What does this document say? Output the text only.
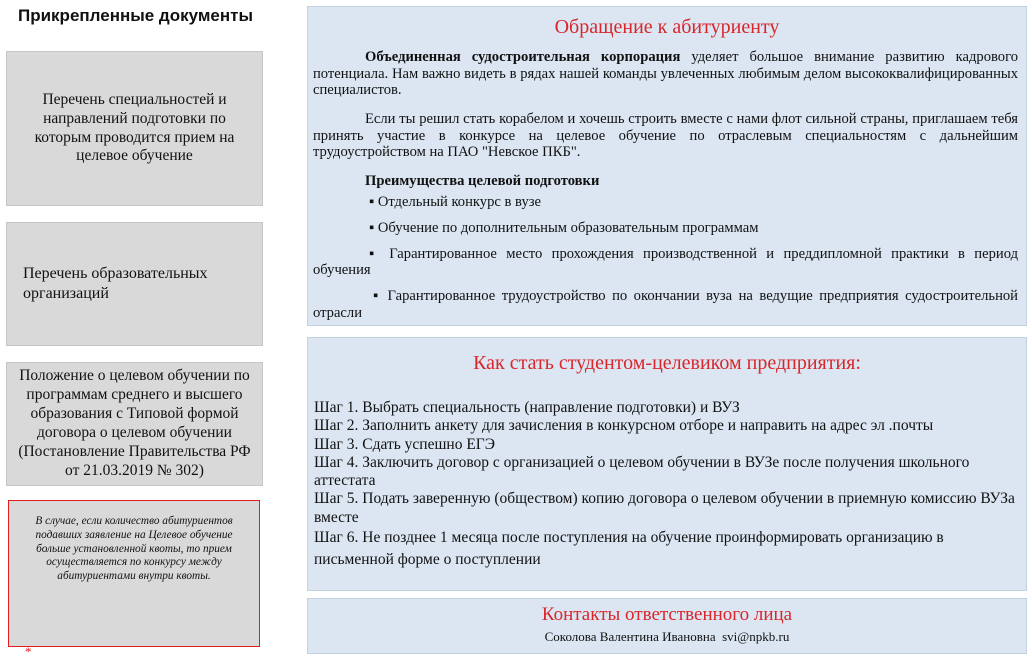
Прикрепленные документы
Перечень специальностей и направлений подготовки по которым проводится прием на целевое обучение
Перечень образовательных организаций
Положение о целевом обучении по программам среднего и высшего образования с Типовой формой договора о целевом обучении (Постановление Правительства РФ от 21.03.2019 № 302)
В случае, если количество абитуриентов подавших заявление на Целевое обучение больше установленной квоты, то прием осуществляется по конкурсу между абитуриентами внутри квоты.
*
Обращение к абитуриенту

Объединенная судостроительная корпорация уделяет большое внимание развитию кадрового потенциала. Нам важно видеть в рядах нашей команды увлеченных любимым делом высококвалифицированных специалистов.

Если ты решил стать корабелом и хочешь строить вместе с нами флот сильной страны, приглашаем тебя принять участие в конкурсе на целевое обучение по отраслевым специальностям с дальнейшим трудоустройством на ПАО "Невское ПКБ".

Преимущества целевой подготовки
▪ Отдельный конкурс в вузе
▪ Обучение по дополнительным образовательным программам
▪ Гарантированное место прохождения производственной и преддипломной практики в период обучения
▪ Гарантированное трудоустройство по окончании вуза на ведущие предприятия судостроительной отрасли
Как стать студентом-целевиком предприятия:

Шаг 1. Выбрать специальность (направление подготовки) и ВУЗ

Шаг 2. Заполнить анкету для зачисления в конкурсном отборе и направить на адрес эл .почты

Шаг 3. Сдать успешно ЕГЭ

Шаг 4. Заключить договор с организацией о целевом обучении в ВУЗе после получения школьного аттестата

Шаг 5. Подать заверенную (обществом) копию договора о целевом обучении в приемную комиссию ВУЗа вместе

Шаг 6. Не позднее 1 месяца после поступления на обучение проинформировать организацию в письменной форме о поступлении

Контакты ответственного лица
Соколова Валентина Ивановна svi@npkb.ru
